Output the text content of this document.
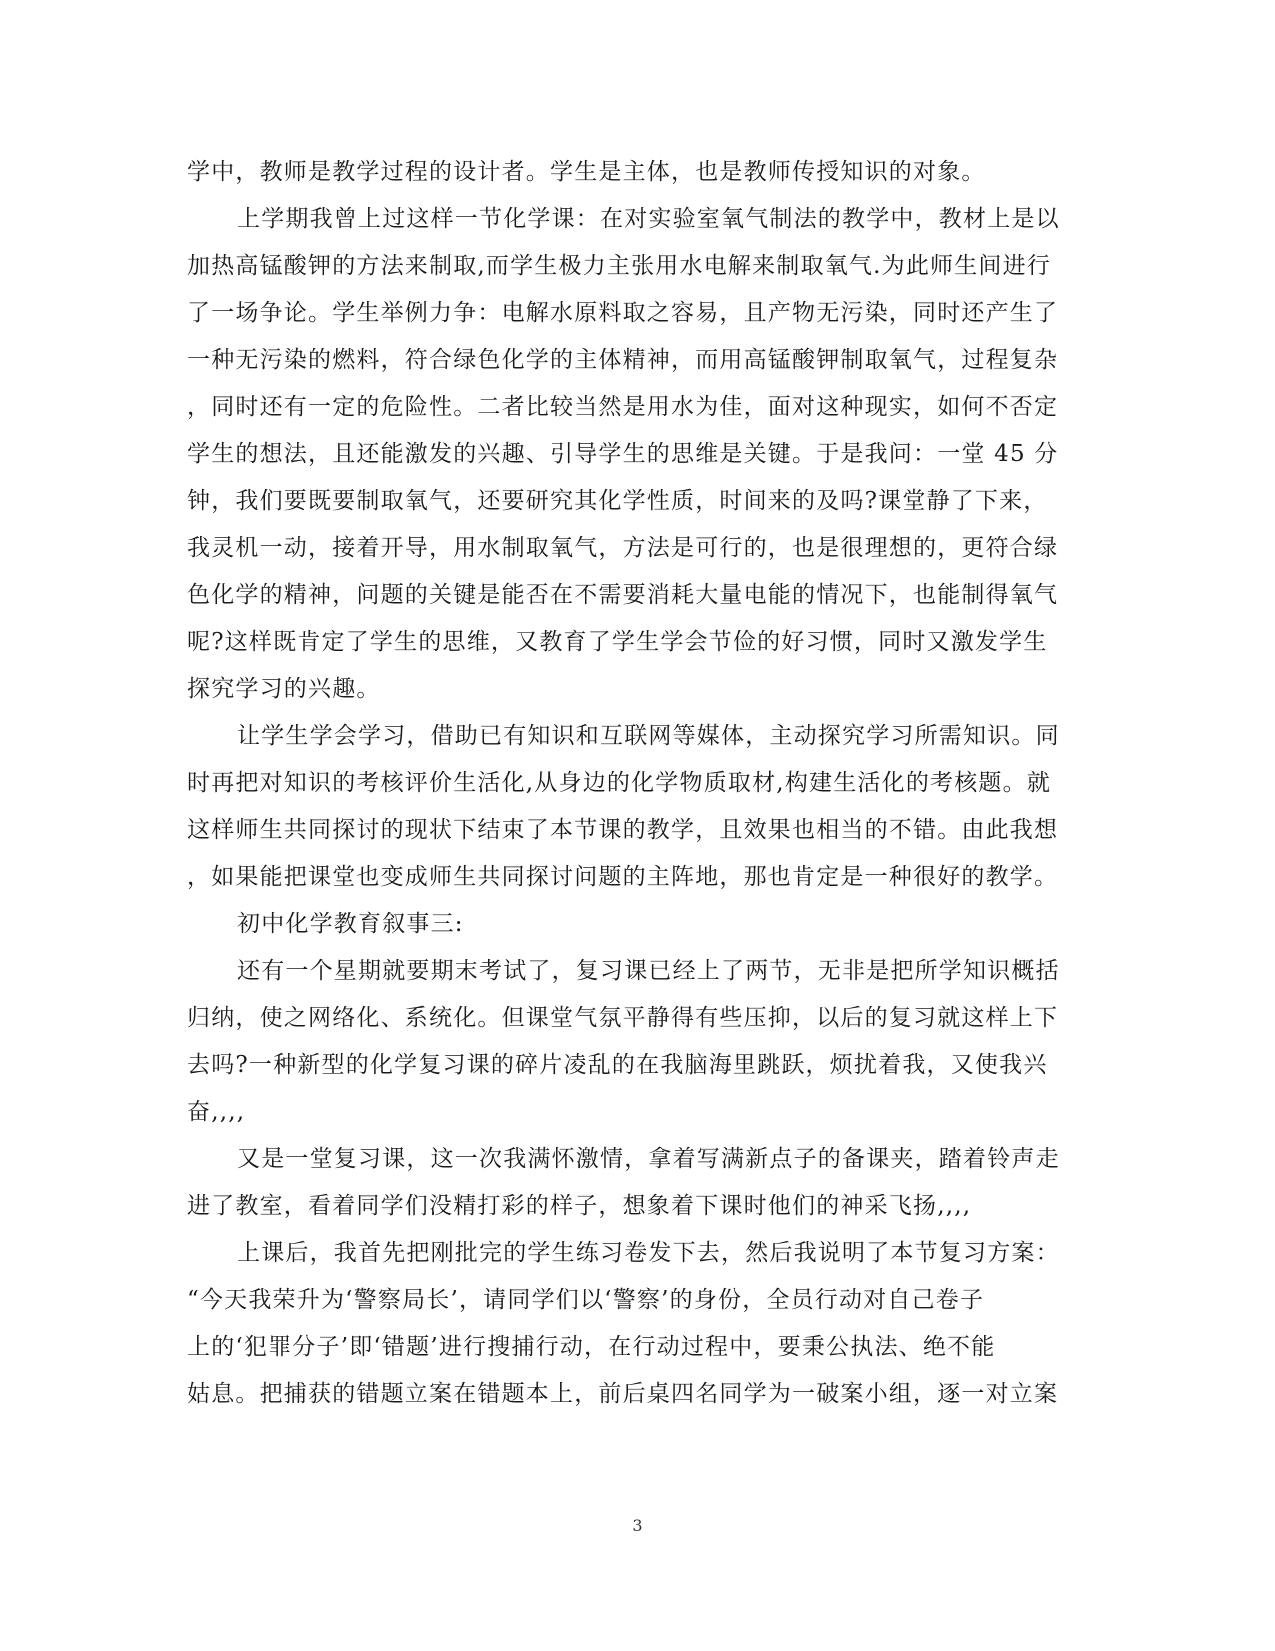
学中，教师是教学过程的设计者。学生是主体，也是教师传授知识的对象。
上学期我曾上过这样一节化学课：在对实验室氧气制法的教学中，教材上是以
加热高锰酸钾的方法来制取,而学生极力主张用水电解来制取氧气.为此师生间进行
了一场争论。学生举例力争：电解水原料取之容易，且产物无污染，同时还产生了
一种无污染的燃料，符合绿色化学的主体精神，而用高锰酸钾制取氧气，过程复杂
，同时还有一定的危险性。二者比较当然是用水为佳，面对这种现实，如何不否定
学生的想法，且还能激发的兴趣、引导学生的思维是关键。于是我问：一堂 45 分
钟，我们要既要制取氧气，还要研究其化学性质，时间来的及吗?课堂静了下来，
我灵机一动，接着开导，用水制取氧气，方法是可行的，也是很理想的，更符合绿
色化学的精神，问题的关键是能否在不需要消耗大量电能的情况下，也能制得氧气
呢?这样既肯定了学生的思维，又教育了学生学会节俭的好习惯，同时又激发学生
探究学习的兴趣。
让学生学会学习，借助已有知识和互联网等媒体，主动探究学习所需知识。同
时再把对知识的考核评价生活化,从身边的化学物质取材,构建生活化的考核题。就
这样师生共同探讨的现状下结束了本节课的教学，且效果也相当的不错。由此我想
，如果能把课堂也变成师生共同探讨问题的主阵地，那也肯定是一种很好的教学。
初中化学教育叙事三:
还有一个星期就要期末考试了，复习课已经上了两节，无非是把所学知识概括
归纳，使之网络化、系统化。但课堂气氛平静得有些压抑，以后的复习就这样上下
去吗?一种新型的化学复习课的碎片凌乱的在我脑海里跳跃，烦扰着我，又使我兴
奋,,,,
又是一堂复习课，这一次我满怀激情，拿着写满新点子的备课夹，踏着铃声走
进了教室，看着同学们没精打彩的样子，想象着下课时他们的神采飞扬,,,,
上课后，我首先把刚批完的学生练习卷发下去，然后我说明了本节复习方案：
“今天我荣升为‘警察局长’，请同学们以‘警察’的身份，全员行动对自己卷子
上的‘犯罪分子’即‘错题’进行搜捕行动，在行动过程中，要秉公执法、绝不能
姑息。把捕获的错题立案在错题本上，前后桌四名同学为一破案小组，逐一对立案
3
